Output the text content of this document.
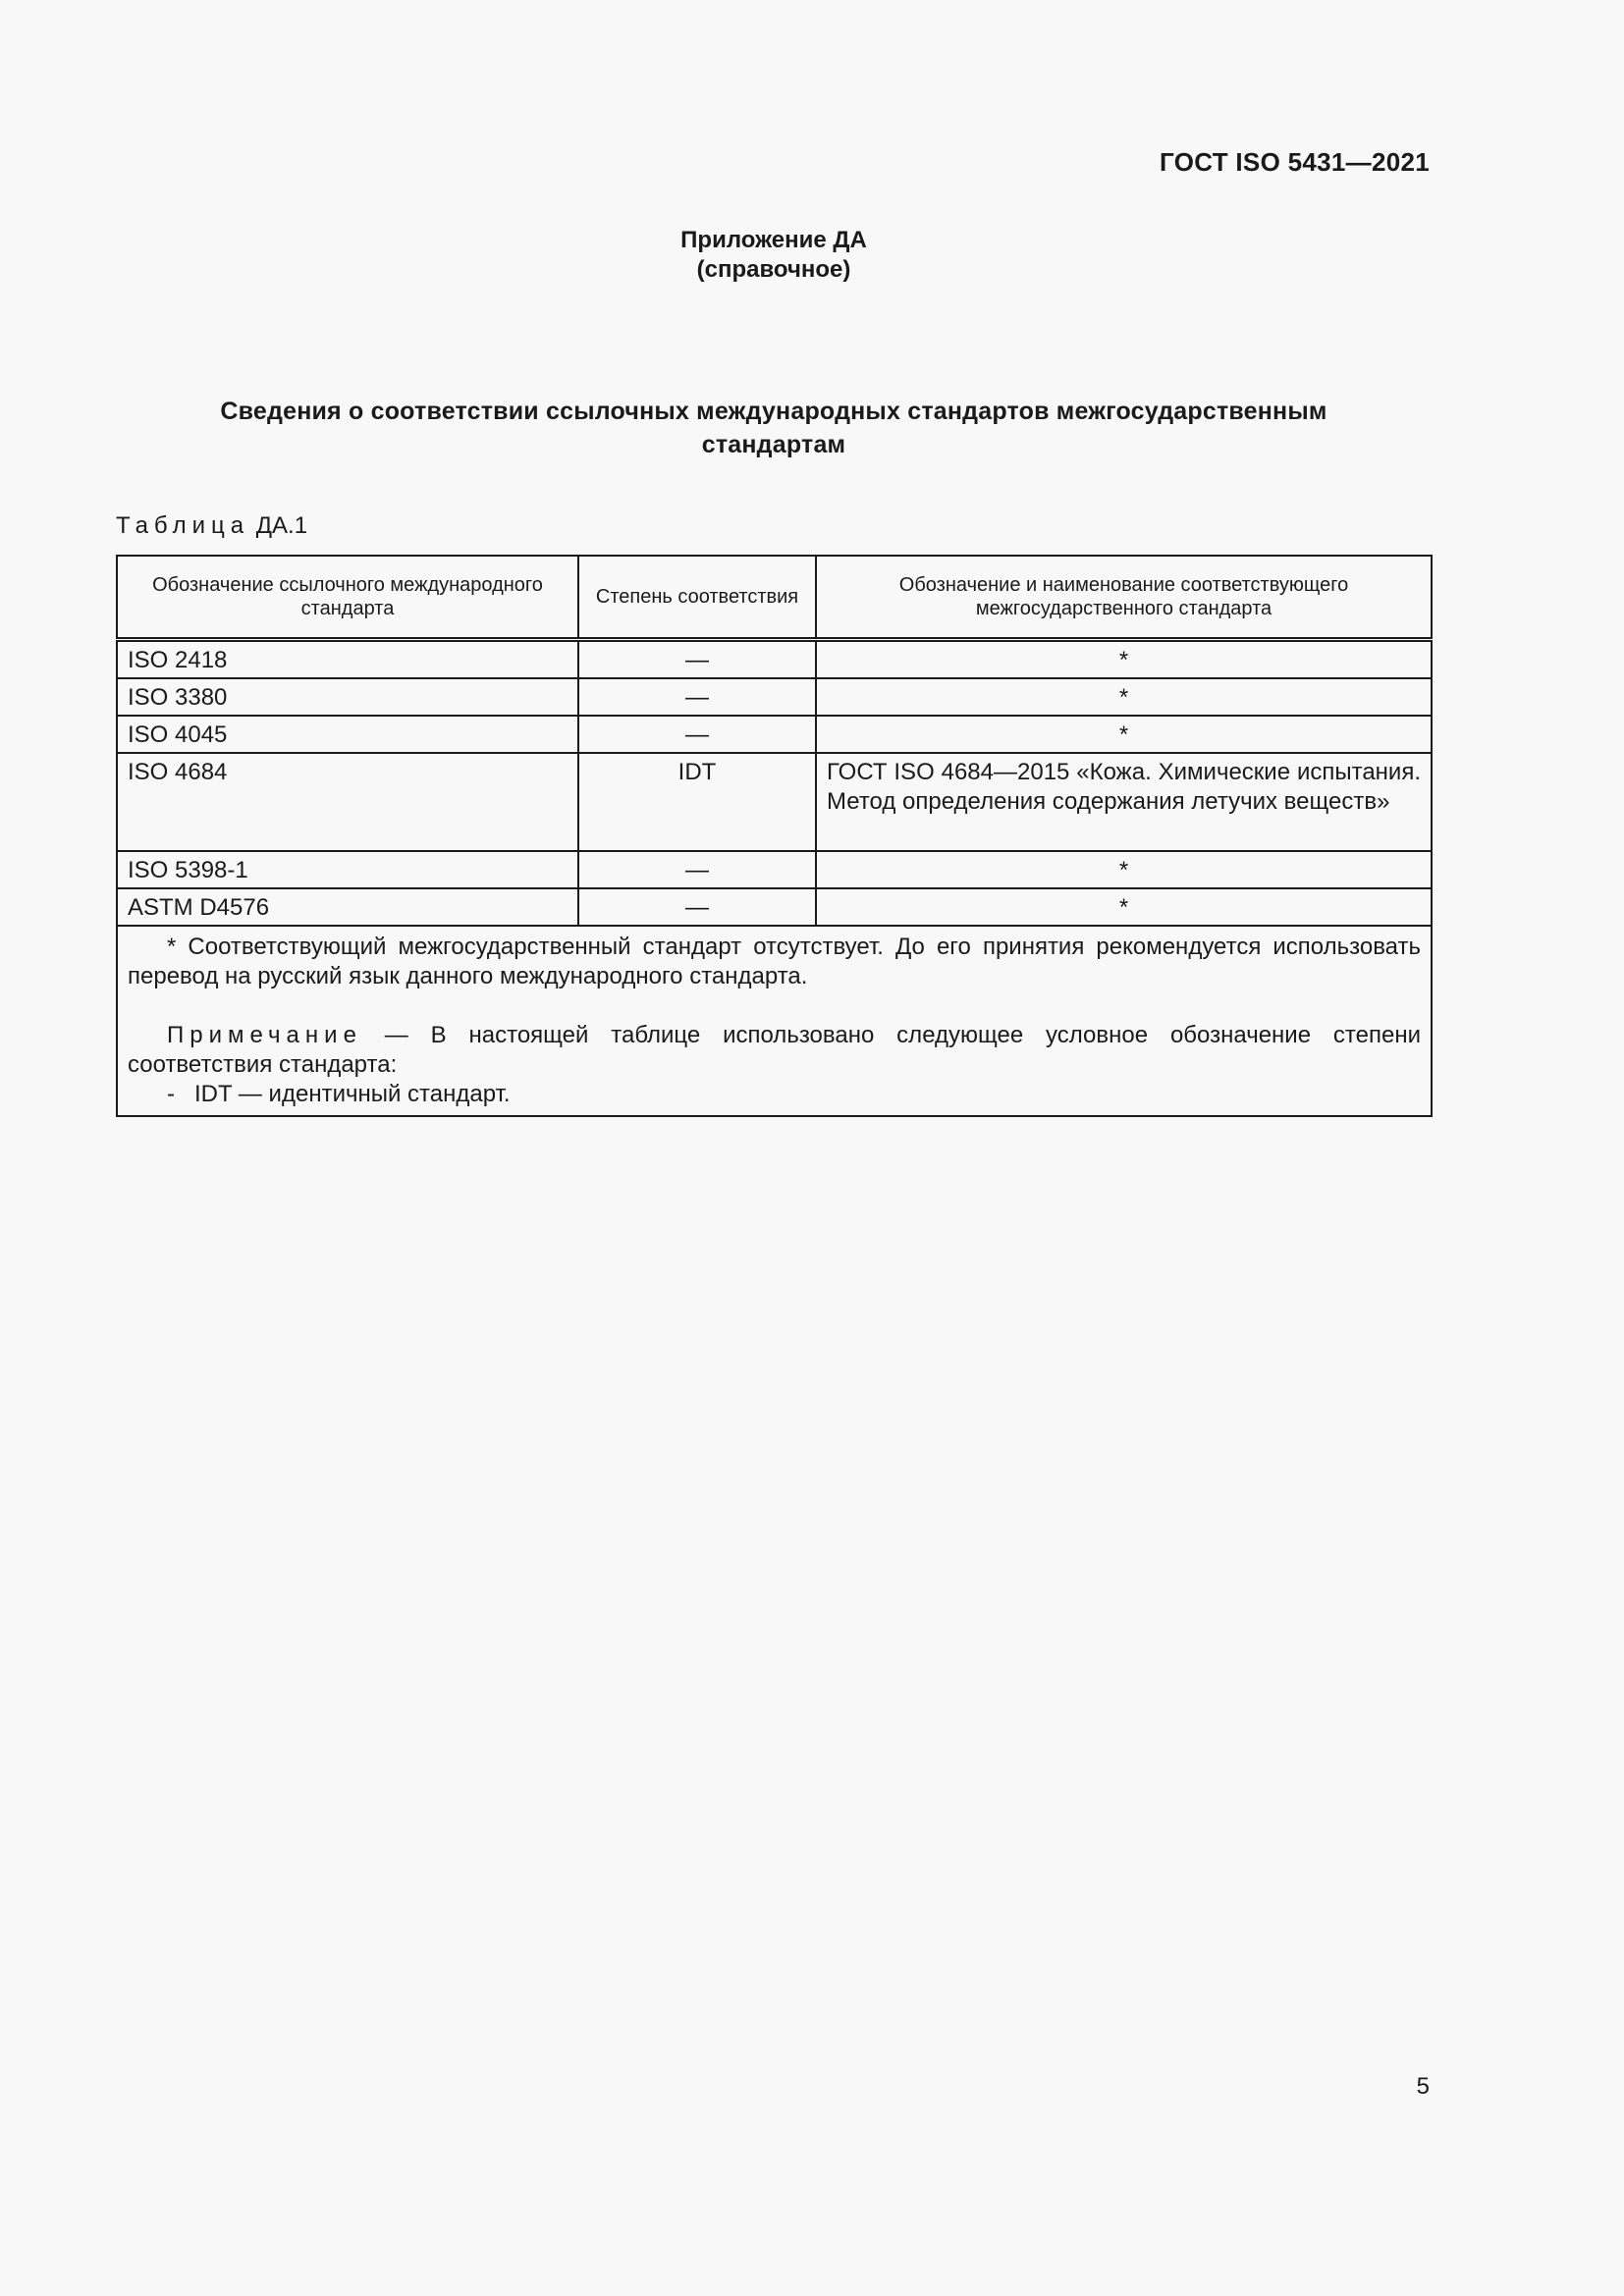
ГОСТ ISO 5431—2021
Приложение ДА
(справочное)
Сведения о соответствии ссылочных международных стандартов межгосударственным
стандартам
Таблица ДА.1
Обозначение ссылочного международного стандарта	Степень соответствия	Обозначение и наименование соответствующего межгосударственного стандарта
ISO 2418	—	*
ISO 3380	—	*
ISO 4045	—	*
ISO 4684	IDT	ГОСТ ISO 4684—2015 «Кожа. Химические испытания. Метод определения содержания летучих веществ»
ISO 5398-1	—	*
ASTM D4576	—	*

* Соответствующий межгосударственный стандарт отсутствует. До его принятия рекомендуется использовать перевод на русский язык данного международного стандарта.

Примечание — В настоящей таблице использовано следующее условное обозначение степени соответствия стандарта:

-   IDT — идентичный стандарт.		

5
